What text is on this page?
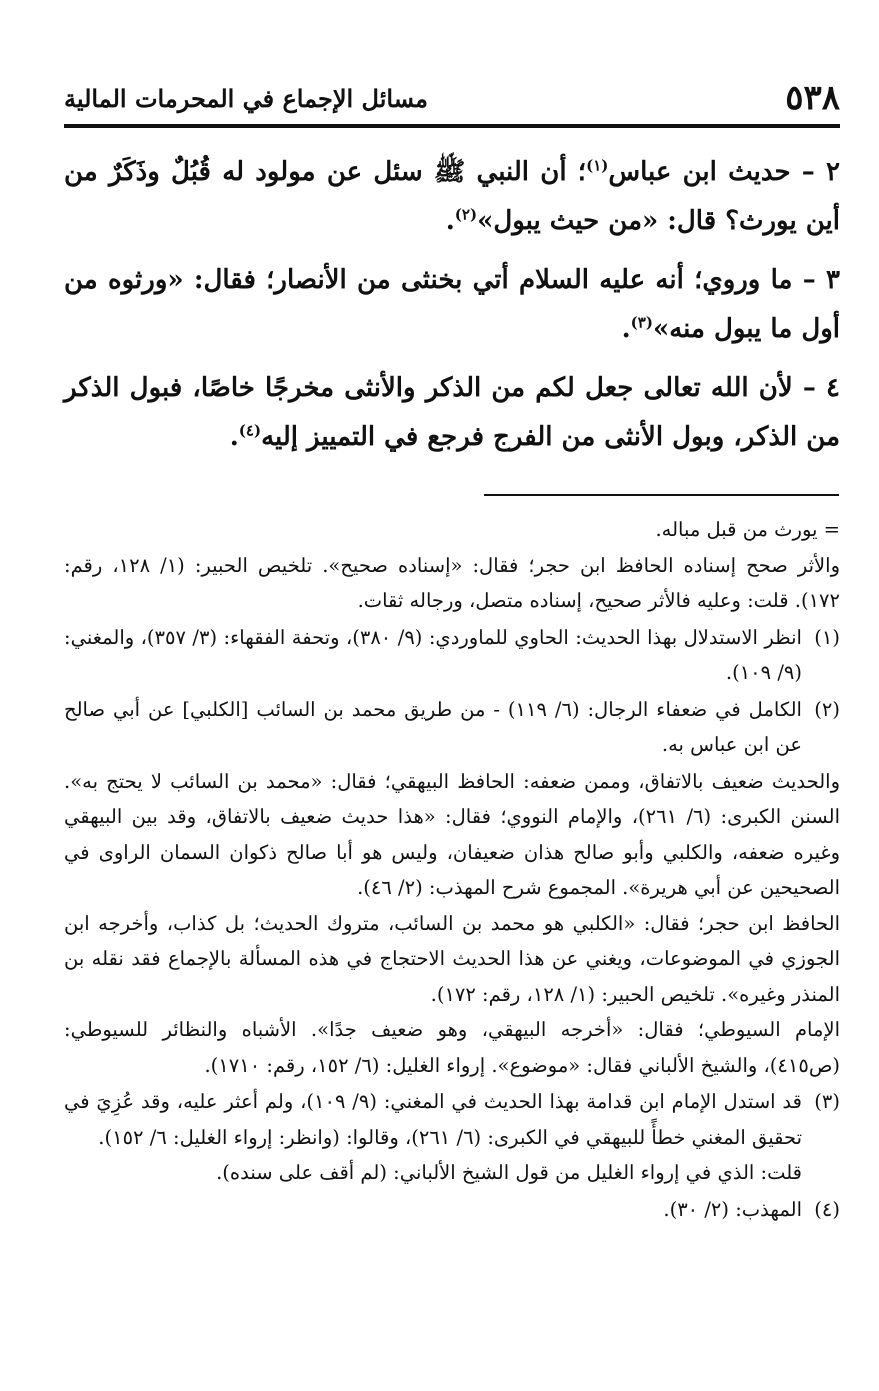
٥٣٨
مسائل الإجماع في المحرمات المالية

٢ – حديث ابن عباس$^{(١)}$؛ أن النبي ﷺ سئل عن مولود له قُبُلٌ وذَكَرٌ من أين يورث؟ قال: «من حيث يبول»$^{(٢)}$.

٣ – ما وروي؛ أنه عليه السلام أتي بخنثى من الأنصار؛ فقال: «ورثوه من أول ما يبول منه»$^{(٣)}$.

٤ – لأن الله تعالى جعل لكم من الذكر والأنثى مخرجًا خاصًا، فبول الذكر من الذكر، وبول الأنثى من الفرج فرجع في التمييز إليه$^{(٤)}$.

= يورث من قبل مباله.

والأثر صحح إسناده الحافظ ابن حجر؛ فقال: «إسناده صحيح». تلخيص الحبير: (١/ ١٢٨، رقم: ١٧٢). قلت: وعليه فالأثر صحيح، إسناده متصل، ورجاله ثقات.

(١)

انظر الاستدلال بهذا الحديث: الحاوي للماوردي: (٩/ ٣٨٠)، وتحفة الفقهاء: (٣/ ٣٥٧)، والمغني: (٩/ ١٠٩).

(٢)

الكامل في ضعفاء الرجال: (٦/ ١١٩) - من طريق محمد بن السائب [الكلبي] عن أبي صالح عن ابن عباس به.

والحديث ضعيف بالاتفاق، وممن ضعفه: الحافظ البيهقي؛ فقال: «محمد بن السائب لا يحتج به». السنن الكبرى: (٦/ ٢٦١)، والإمام النووي؛ فقال: «هذا حديث ضعيف بالاتفاق، وقد بين البيهقي وغيره ضعفه، والكلبي وأبو صالح هذان ضعيفان، وليس هو أبا صالح ذكوان السمان الراوى في الصحيحين عن أبي هريرة». المجموع شرح المهذب: (٢/ ٤٦).

الحافظ ابن حجر؛ فقال: «الكلبي هو محمد بن السائب، متروك الحديث؛ بل كذاب، وأخرجه ابن الجوزي في الموضوعات، ويغني عن هذا الحديث الاحتجاج في هذه المسألة بالإجماع فقد نقله بن المنذر وغيره». تلخيص الحبير: (١/ ١٢٨، رقم: ١٧٢).

الإمام السيوطي؛ فقال: «أخرجه البيهقي، وهو ضعيف جدًا». الأشباه والنظائر للسيوطي: (ص٤١٥)، والشيخ الألباني فقال: «موضوع». إرواء الغليل: (٦/ ١٥٢، رقم: ١٧١٠).

(٣)

قد استدل الإمام ابن قدامة بهذا الحديث في المغني: (٩/ ١٠٩)، ولم أعثر عليه، وقد عُزِيَ في تحقيق المغني خطأً للبيهقي في الكبرى: (٦/ ٢٦١)، وقالوا: (وانظر: إرواء الغليل: ٦/ ١٥٢).

قلت: الذي في إرواء الغليل من قول الشيخ الألباني: (لم أقف على سنده).

(٤)

المهذب: (٢/ ٣٠).
